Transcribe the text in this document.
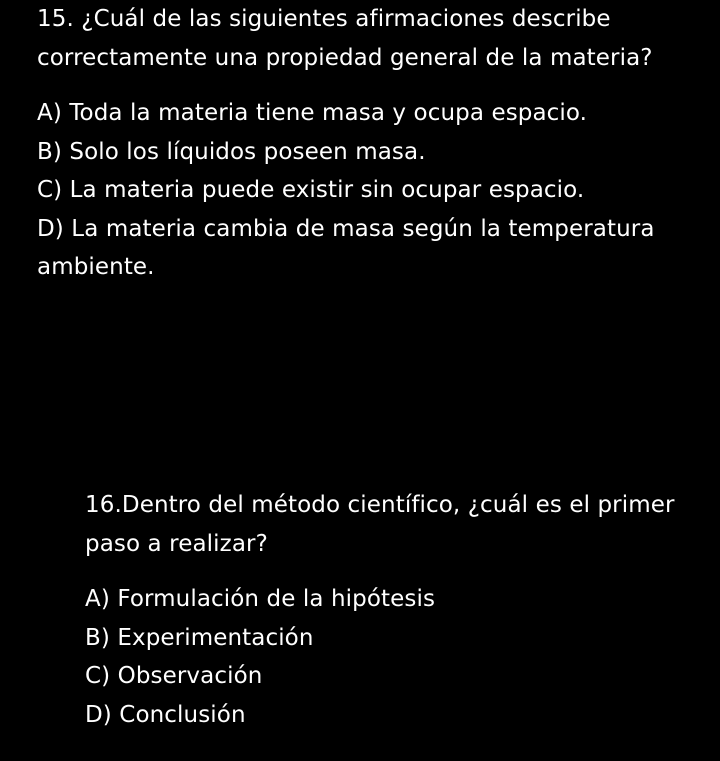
15. ¿Cuál de las siguientes afirmaciones describe correctamente una propiedad general de la materia?

A) Toda la materia tiene masa y ocupa espacio.

B) Solo los líquidos poseen masa.

C) La materia puede existir sin ocupar espacio.

D) La materia cambia de masa según la temperatura ambiente.

16.Dentro del método científico, ¿cuál es el primer paso a realizar?

A) Formulación de la hipótesis

B) Experimentación

C) Observación

D) Conclusión
